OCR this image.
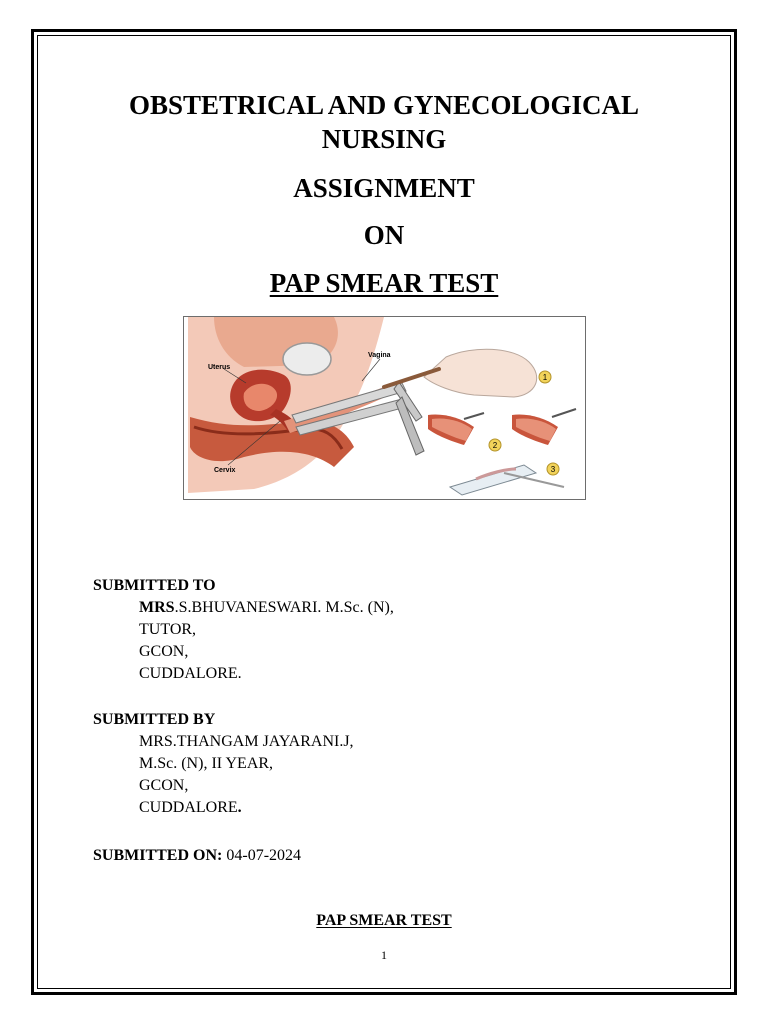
OBSTETRICAL AND GYNECOLOGICAL
NURSING
ASSIGNMENT
ON
PAP SMEAR TEST
1
2
3
Uterus
Vagina
Cervix
SUBMITTED TO
MRS.S.BHUVANESWARI. M.Sc. (N),
TUTOR,
GCON,
CUDDALORE.
SUBMITTED BY
MRS.THANGAM JAYARANI.J,
M.Sc. (N), II YEAR,
GCON,
CUDDALORE.
SUBMITTED ON: 04-07-2024
PAP SMEAR TEST
1
